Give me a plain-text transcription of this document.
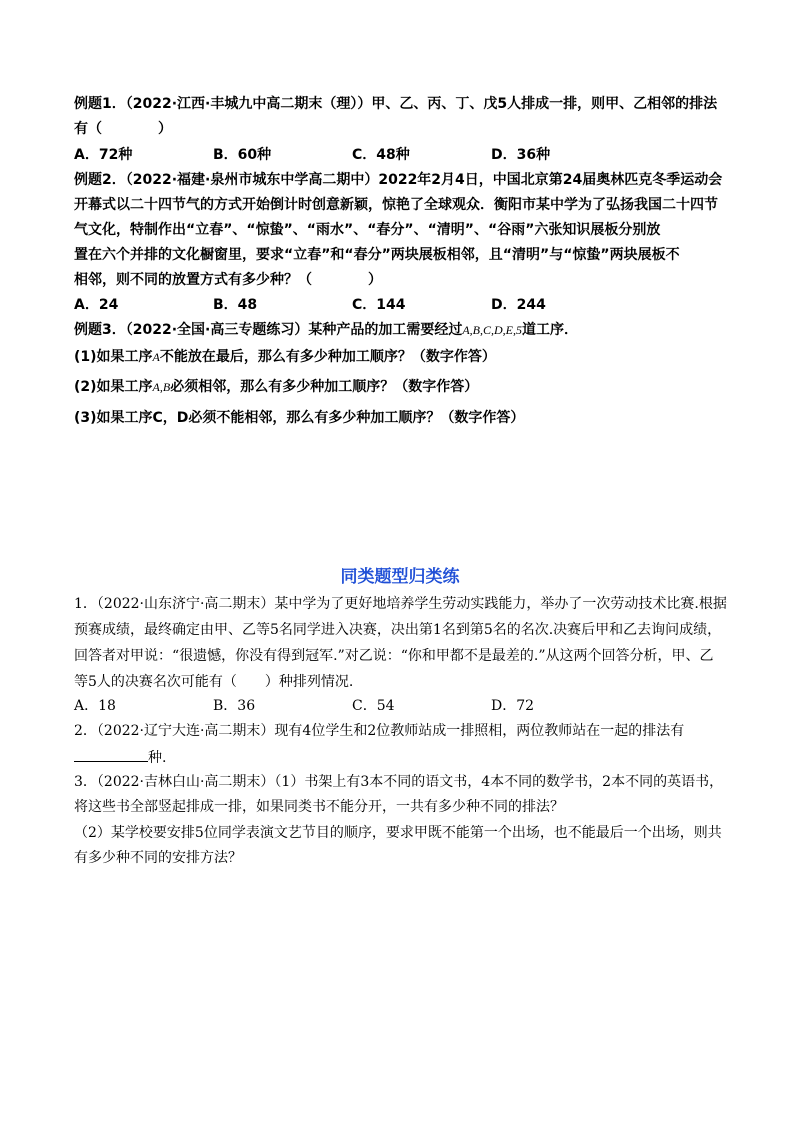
例题1．（2022·江西·丰城九中高二期末（理））甲、乙、丙、丁、戊5人排成一排，则甲、乙相邻的排法
有（　　　　）
A．72种	B．60种	C．48种	D．36种
例题2．（2022·福建·泉州市城东中学高二期中）2022年2月4日，中国北京第24届奥林匹克冬季运动会
开幕式以二十四节气的方式开始倒计时创意新颖，惊艳了全球观众．衡阳市某中学为了弘扬我国二十四节
气文化，特制作出“立春”、“惊蛰”、“雨水”、“春分”、“清明”、“谷雨”六张知识展板分别放
置在六个并排的文化橱窗里，要求“立春”和“春分”两块展板相邻，且“清明”与“惊蛰”两块展板不
相邻，则不同的放置方式有多少种？（　　　　）
A．24	B．48	C．144	D．244
例题3．（2022·全国·高三专题练习）某种产品的加工需要经过A,B,C,D,E,5道工序．
(1)如果工序A不能放在最后，那么有多少种加工顺序？（数字作答）
(2)如果工序A,B必须相邻，那么有多少种加工顺序？（数字作答）
(3)如果工序C，D必须不能相邻，那么有多少种加工顺序？（数字作答）
同类题型归类练
1．（2022·山东济宁·高二期末）某中学为了更好地培养学生劳动实践能力，举办了一次劳动技术比赛.根据
预赛成绩，最终确定由甲、乙等5名同学进入决赛，决出第1名到第5名的名次.决赛后甲和乙去询问成绩，
回答者对甲说：“很遗憾，你没有得到冠军.”对乙说：“你和甲都不是最差的.”从这两个回答分析，甲、乙
等5人的决赛名次可能有（　　）种排列情况.
A．18	B．36	C．54	D．72
2．（2022·辽宁大连·高二期末）现有4位学生和2位教师站成一排照相，两位教师站在一起的排法有
种.
3．（2022·吉林白山·高二期末）（1）书架上有3本不同的语文书，4本不同的数学书，2本不同的英语书，
将这些书全部竖起排成一排，如果同类书不能分开，一共有多少种不同的排法？
（2）某学校要安排5位同学表演文艺节目的顺序，要求甲既不能第一个出场，也不能最后一个出场，则共
有多少种不同的安排方法？
